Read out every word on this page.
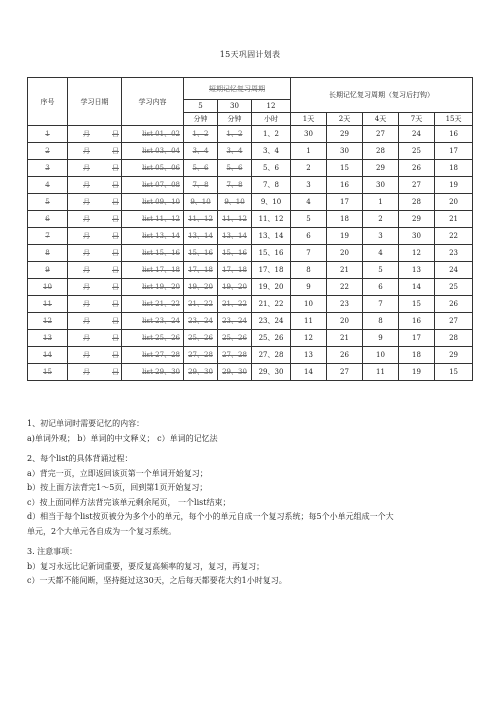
15天巩固计划表
序号	学习日期	学习内容	短期记忆复习周期			长期记忆复习周期（复习后打钩）				
			5	30	12					
			分钟	分钟	小时	1天	2天	4天	7天	15天
1	月 日	list 01、02	1、2	1、2	1、2	30	29	27	24	16
2	月 日	list 03、04	3、4	3、4	3、4	1	30	28	25	17
3	月 日	list 05、06	5、6	5、6	5、6	2	15	29	26	18
4	月 日	list 07、08	7、8	7、8	7、8	3	16	30	27	19
5	月 日	list 09、10	9、10	9、10	9、10	4	17	1	28	20
6	月 日	list 11、12	11、12	11、12	11、12	5	18	2	29	21
7	月 日	list 13、14	13、14	13、14	13、14	6	19	3	30	22
8	月 日	list 15、16	15、16	15、16	15、16	7	20	4	12	23
9	月 日	list 17、18	17、18	17、18	17、18	8	21	5	13	24
10	月 日	list 19、20	19、20	19、20	19、20	9	22	6	14	25
11	月 日	list 21、22	21、22	21、22	21、22	10	23	7	15	26
12	月 日	list 23、24	23、24	23、24	23、24	11	20	8	16	27
13	月 日	list 25、26	25、26	25、26	25、26	12	21	9	17	28
14	月 日	list 27、28	27、28	27、28	27、28	13	26	10	18	29
15	月 日	list 29、30	29、30	29、30	29、30	14	27	11	19	15

1、初记单词时需要记忆的内容：

a)单词外观； b）单词的中文释义； c）单词的记忆法

2、每个list的具体背诵过程：

a）背完一页，立即返回该页第一个单词开始复习；

b）按上面方法背完1～5页，回到第1页开始复习；

c）按上面同样方法背完该单元剩余尾页， 一个list结束；

d）相当于每个list按页被分为多个小的单元，每个小的单元自成一个复习系统；每5个小单元组成一个大

单元，2个大单元各自成为一个复习系统。

3. 注意事项：

b）复习永远比记新词重要，要反复高频率的复习，复习，再复习；

c）一天都不能间断，坚持挺过这30天，之后每天都要花大约1小时复习。
